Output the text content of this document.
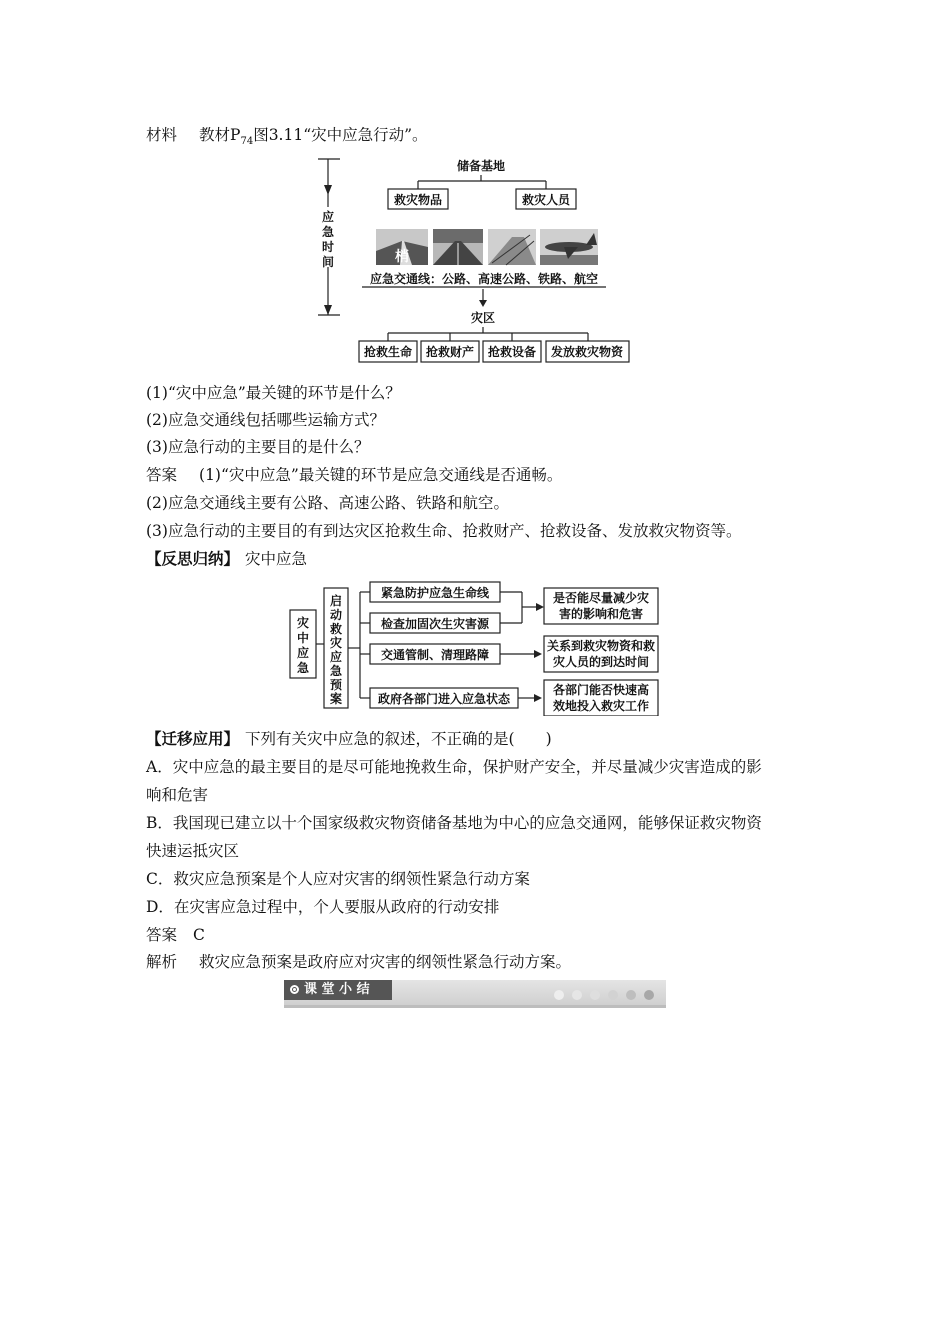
材料 教材$P_{74}$图3.11“灾中应急行动”。
应
急
时
间
储备基地
救灾物品	救灾人员
梢
应急交通线：公路、高速公路、铁路、航空
灾区
抢救生命 抢救财产 抢救设备 发放救灾物资
(1)“灾中应急”最关键的环节是什么？
(2)应急交通线包括哪些运输方式？
(3)应急行动的主要目的是什么？
答案 (1)“灾中应急”最关键的环节是应急交通线是否通畅。
(2)应急交通线主要有公路、高速公路、铁路和航空。
(3)应急行动的主要目的有到达灾区抢救生命、抢救财产、抢救设备、发放救灾物资等。
【反思归纳】 灾中应急
灾
中
应
急
启
动
救
灾
应
急
预
案
紧急防护应急生命线
检查加固次生灾害源
交通管制、清理路障
政府各部门进入应急状态
是否能尽量减少灾
害的影响和危害
关系到救灾物资和救
灾人员的到达时间
各部门能否快速高
效地投入救灾工作
【迁移应用】 下列有关灾中应急的叙述，不正确的是(　　)
A．灾中应急的最主要目的是尽可能地挽救生命，保护财产安全，并尽量减少灾害造成的影
响和危害
B．我国现已建立以十个国家级救灾物资储备基地为中心的应急交通网，能够保证救灾物资
快速运抵灾区
C．救灾应急预案是个人应对灾害的纲领性紧急行动方案
D．在灾害应急过程中，个人要服从政府的行动安排
答案 C
解析 救灾应急预案是政府应对灾害的纲领性紧急行动方案。
课 堂 小 结
